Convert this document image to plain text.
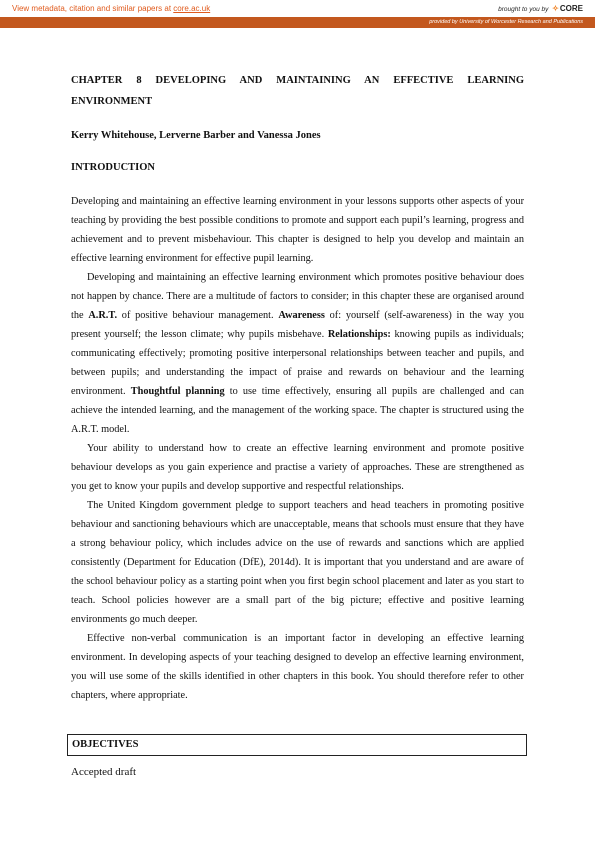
View metadata, citation and similar papers at core.ac.uk	brought to you by ✧CORE
provided by University of Worcester Research and Publications

CHAPTER 8 DEVELOPING AND MAINTAINING AN EFFECTIVE LEARNING

ENVIRONMENT

Kerry Whitehouse, Lerverne Barber and Vanessa Jones

INTRODUCTION

Developing and maintaining an effective learning environment in your lessons supports other aspects of your teaching by providing the best possible conditions to promote and support each pupil’s learning, progress and achievement and to prevent misbehaviour. This chapter is designed to help you develop and maintain an effective learning environment for effective pupil learning.

Developing and maintaining an effective learning environment which promotes positive behaviour does not happen by chance. There are a multitude of factors to consider; in this chapter these are organised around the A.R.T. of positive behaviour management. Awareness of: yourself (self-awareness) in the way you present yourself; the lesson climate; why pupils misbehave. Relationships: knowing pupils as individuals; communicating effectively; promoting positive interpersonal relationships between teacher and pupils, and between pupils; and understanding the impact of praise and rewards on behaviour and the learning environment. Thoughtful planning to use time effectively, ensuring all pupils are challenged and can achieve the intended learning, and the management of the working space. The chapter is structured using the A.R.T. model.

Your ability to understand how to create an effective learning environment and promote positive behaviour develops as you gain experience and practise a variety of approaches. These are strengthened as you get to know your pupils and develop supportive and respectful relationships.

The United Kingdom government pledge to support teachers and head teachers in promoting positive behaviour and sanctioning behaviours which are unacceptable, means that schools must ensure that they have a strong behaviour policy, which includes advice on the use of rewards and sanctions which are applied consistently (Department for Education (DfE), 2014d). It is important that you understand and are aware of the school behaviour policy as a starting point when you first begin school placement and later as you start to teach. School policies however are a small part of the big picture; effective and positive learning environments go much deeper.

Effective non-verbal communication is an important factor in developing an effective learning environment. In developing aspects of your teaching designed to develop an effective learning environment, you will use some of the skills identified in other chapters in this book. You should therefore refer to other chapters, where appropriate.

OBJECTIVES
Accepted draft
